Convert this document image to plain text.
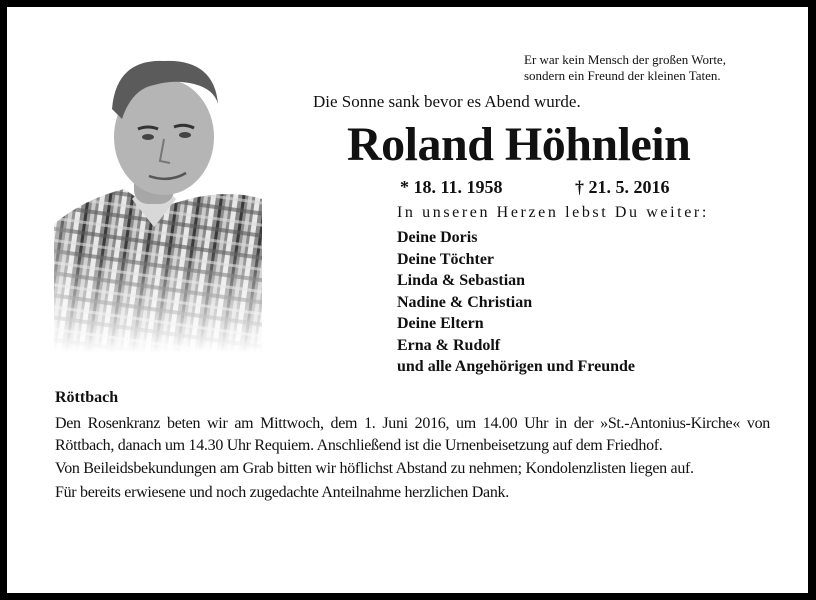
Er war kein Mensch der großen Worte,
sondern ein Freund der kleinen Taten.
Die Sonne sank bevor es Abend wurde.
Roland Höhnlein
* 18. 11. 1958	† 21. 5. 2016
In unseren Herzen lebst Du weiter:
Deine Doris
Deine Töchter
Linda & Sebastian
Nadine & Christian
Deine Eltern
Erna & Rudolf
und alle Angehörigen und Freunde
Röttbach

Den Rosenkranz beten wir am Mittwoch, dem 1. Juni 2016, um 14.00 Uhr in der »St.-Antonius-Kirche« von Röttbach, danach um 14.30 Uhr Requiem. Anschließend ist die Urnenbeisetzung auf dem Friedhof.

Von Beileidsbekundungen am Grab bitten wir höflichst Abstand zu nehmen; Kondolenzlisten liegen auf.

Für bereits erwiesene und noch zugedachte Anteilnahme herzlichen Dank.
